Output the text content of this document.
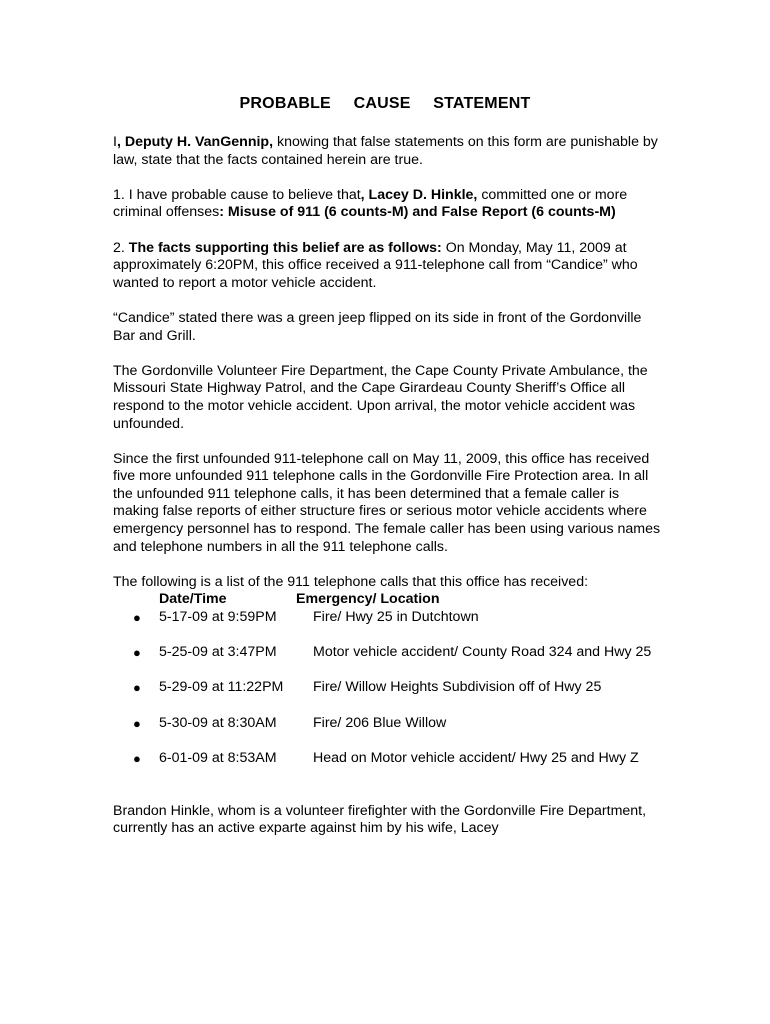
PROBABLE CAUSE STATEMENT

I, Deputy H. VanGennip, knowing that false statements on this form are punishable by law, state that the facts contained herein are true.

1. I have probable cause to believe that, Lacey D. Hinkle, committed one or more criminal offenses: Misuse of 911 (6 counts-M) and False Report (6 counts-M)

2. The facts supporting this belief are as follows: On Monday, May 11, 2009 at approximately 6:20PM, this office received a 911-telephone call from “Candice” who wanted to report a motor vehicle accident.

“Candice” stated there was a green jeep flipped on its side in front of the Gordonville Bar and Grill.

The Gordonville Volunteer Fire Department, the Cape County Private Ambulance, the Missouri State Highway Patrol, and the Cape Girardeau County Sheriff’s Office all respond to the motor vehicle accident. Upon arrival, the motor vehicle accident was unfounded.

Since the first unfounded 911-telephone call on May 11, 2009, this office has received five more unfounded 911 telephone calls in the Gordonville Fire Protection area. In all the unfounded 911 telephone calls, it has been determined that a female caller is making false reports of either structure fires or serious motor vehicle accidents where emergency personnel has to respond. The female caller has been using various names and telephone numbers in all the 911 telephone calls.

The following is a list of the 911 telephone calls that this office has received:

Date/Time	Emergency/ Location
● 5-17-09 at 9:59PM	Fire/ Hwy 25 in Dutchtown
● 5-25-09 at 3:47PM	Motor vehicle accident/ County Road 324 and Hwy 25
● 5-29-09 at 11:22PM	Fire/ Willow Heights Subdivision off of Hwy 25
● 5-30-09 at 8:30AM	Fire/ 206 Blue Willow
● 6-01-09 at 8:53AM	Head on Motor vehicle accident/ Hwy 25 and Hwy Z

Brandon Hinkle, whom is a volunteer firefighter with the Gordonville Fire Department, currently has an active exparte against him by his wife, Lacey
